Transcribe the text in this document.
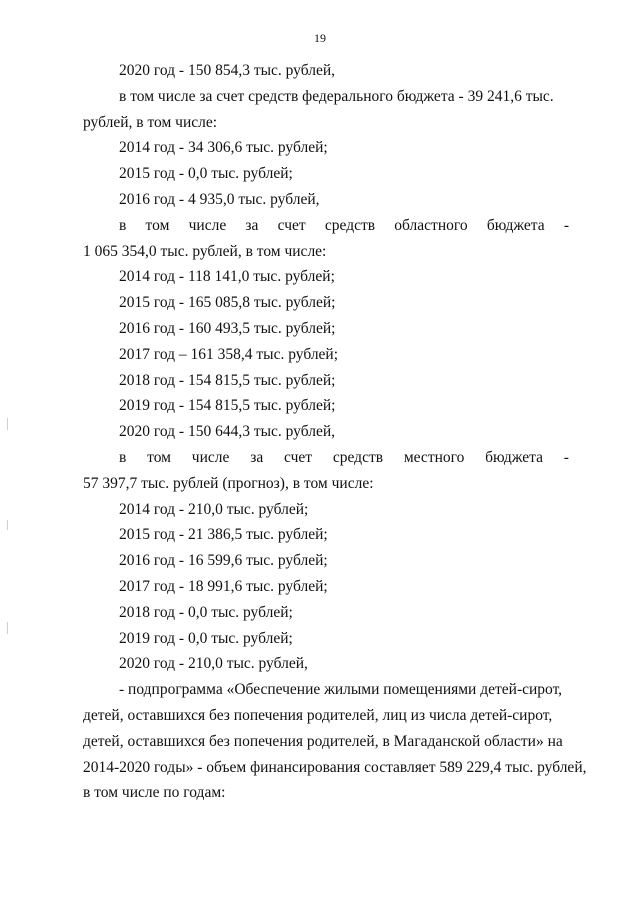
19
2020 год - 150 854,3 тыс. рублей,
в том числе за счет средств федерального бюджета - 39 241,6 тыс.
рублей, в том числе:
2014 год - 34 306,6 тыс. рублей;
2015 год - 0,0 тыс. рублей;
2016 год - 4 935,0 тыс. рублей,
в том числе за счет средств областного бюджета -
1 065 354,0 тыс. рублей, в том числе:
2014 год - 118 141,0 тыс. рублей;
2015 год - 165 085,8 тыс. рублей;
2016 год - 160 493,5 тыс. рублей;
2017 год – 161 358,4 тыс. рублей;
2018 год - 154 815,5 тыс. рублей;
2019 год - 154 815,5 тыс. рублей;
2020 год - 150 644,3 тыс. рублей,
в том числе за счет средств местного бюджета -
57 397,7 тыс. рублей (прогноз), в том числе:
2014 год - 210,0 тыс. рублей;
2015 год - 21 386,5 тыс. рублей;
2016 год - 16 599,6 тыс. рублей;
2017 год - 18 991,6 тыс. рублей;
2018 год - 0,0 тыс. рублей;
2019 год - 0,0 тыс. рублей;
2020 год - 210,0 тыс. рублей,
- подпрограмма «Обеспечение жилыми помещениями детей-сирот,
детей, оставшихся без попечения родителей, лиц из числа детей-сирот,
детей, оставшихся без попечения родителей, в Магаданской области» на
2014-2020 годы» - объем финансирования составляет 589 229,4 тыс. рублей,
в том числе по годам:
